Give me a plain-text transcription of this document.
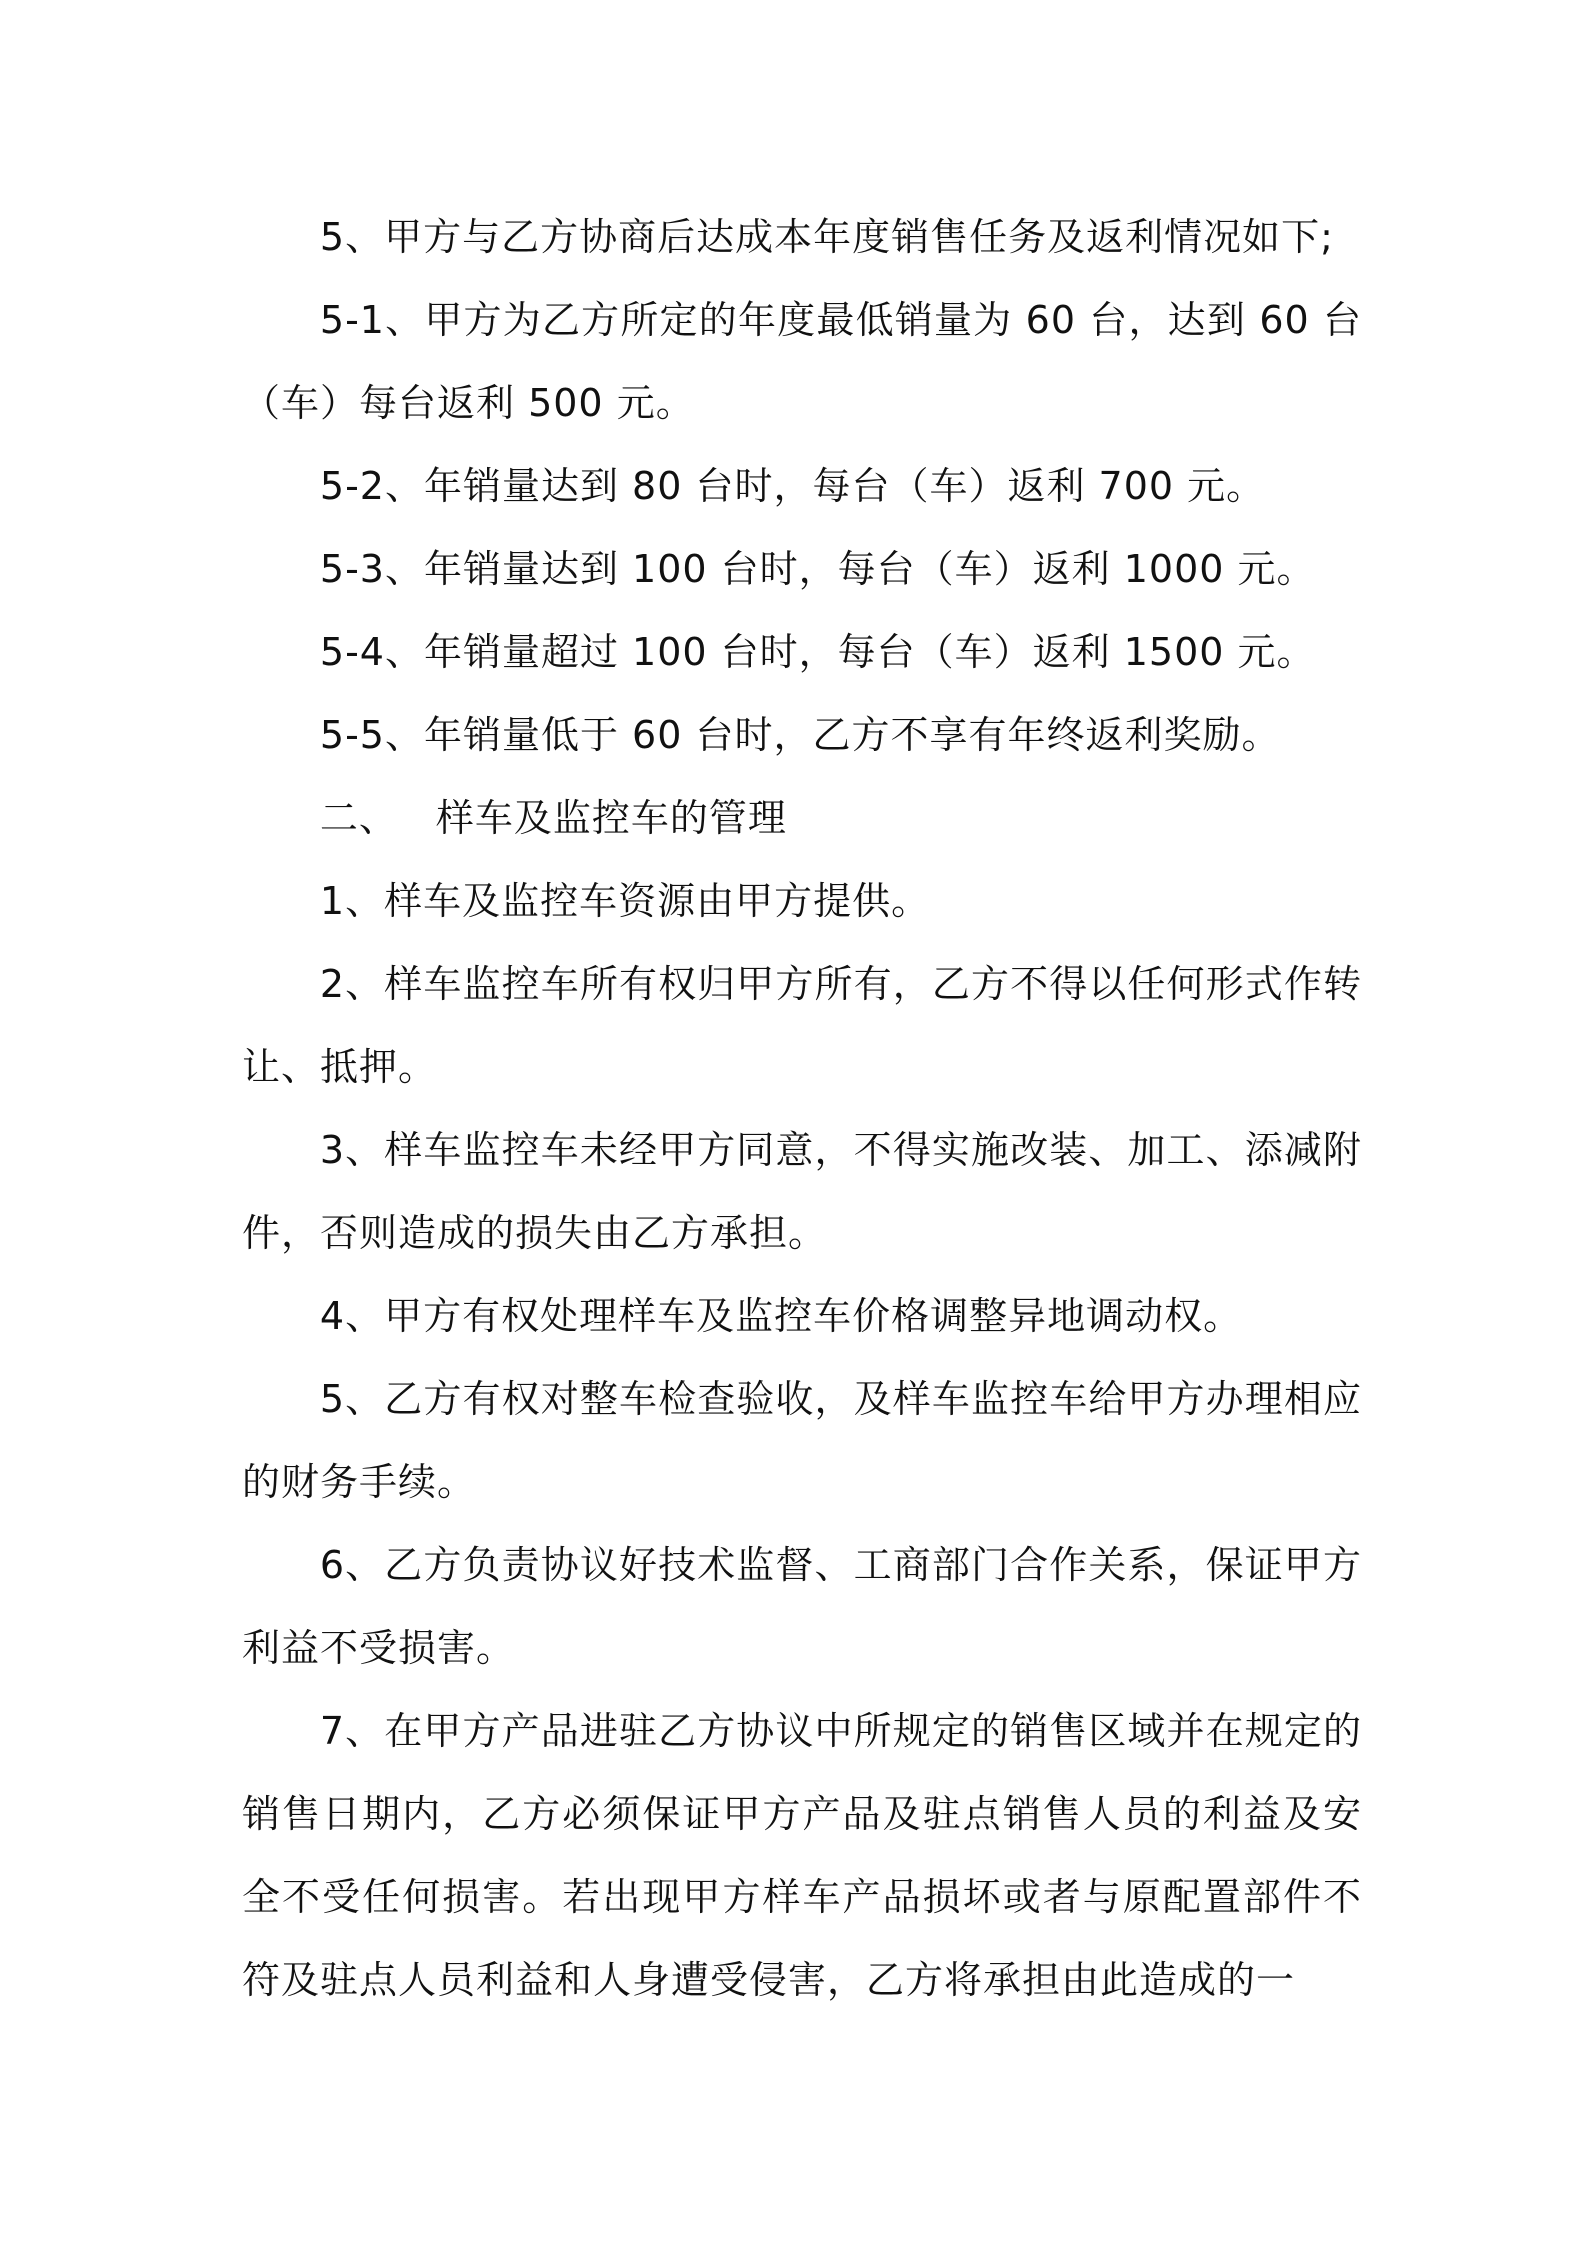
5、甲方与乙方协商后达成本年度销售任务及返利情况如下;

5-1、甲方为乙方所定的年度最低销量为 60 台，达到 60 台（车）每台返利 500 元。

5-2、年销量达到 80 台时，每台（车）返利 700 元。

5-3、年销量达到 100 台时，每台（车）返利 1000 元。

5-4、年销量超过 100 台时，每台（车）返利 1500 元。

5-5、年销量低于 60 台时，乙方不享有年终返利奖励。

二、 样车及监控车的管理

1、样车及监控车资源由甲方提供。

2、样车监控车所有权归甲方所有，乙方不得以任何形式作转让、抵押。

3、样车监控车未经甲方同意，不得实施改装、加工、添减附件，否则造成的损失由乙方承担。

4、甲方有权处理样车及监控车价格调整异地调动权。

5、乙方有权对整车检查验收，及样车监控车给甲方办理相应的财务手续。

6、乙方负责协议好技术监督、工商部门合作关系，保证甲方利益不受损害。

7、在甲方产品进驻乙方协议中所规定的销售区域并在规定的销售日期内，乙方必须保证甲方产品及驻点销售人员的利益及安全不受任何损害。若出现甲方样车产品损坏或者与原配置部件不符及驻点人员利益和人身遭受侵害，乙方将承担由此造成的一
